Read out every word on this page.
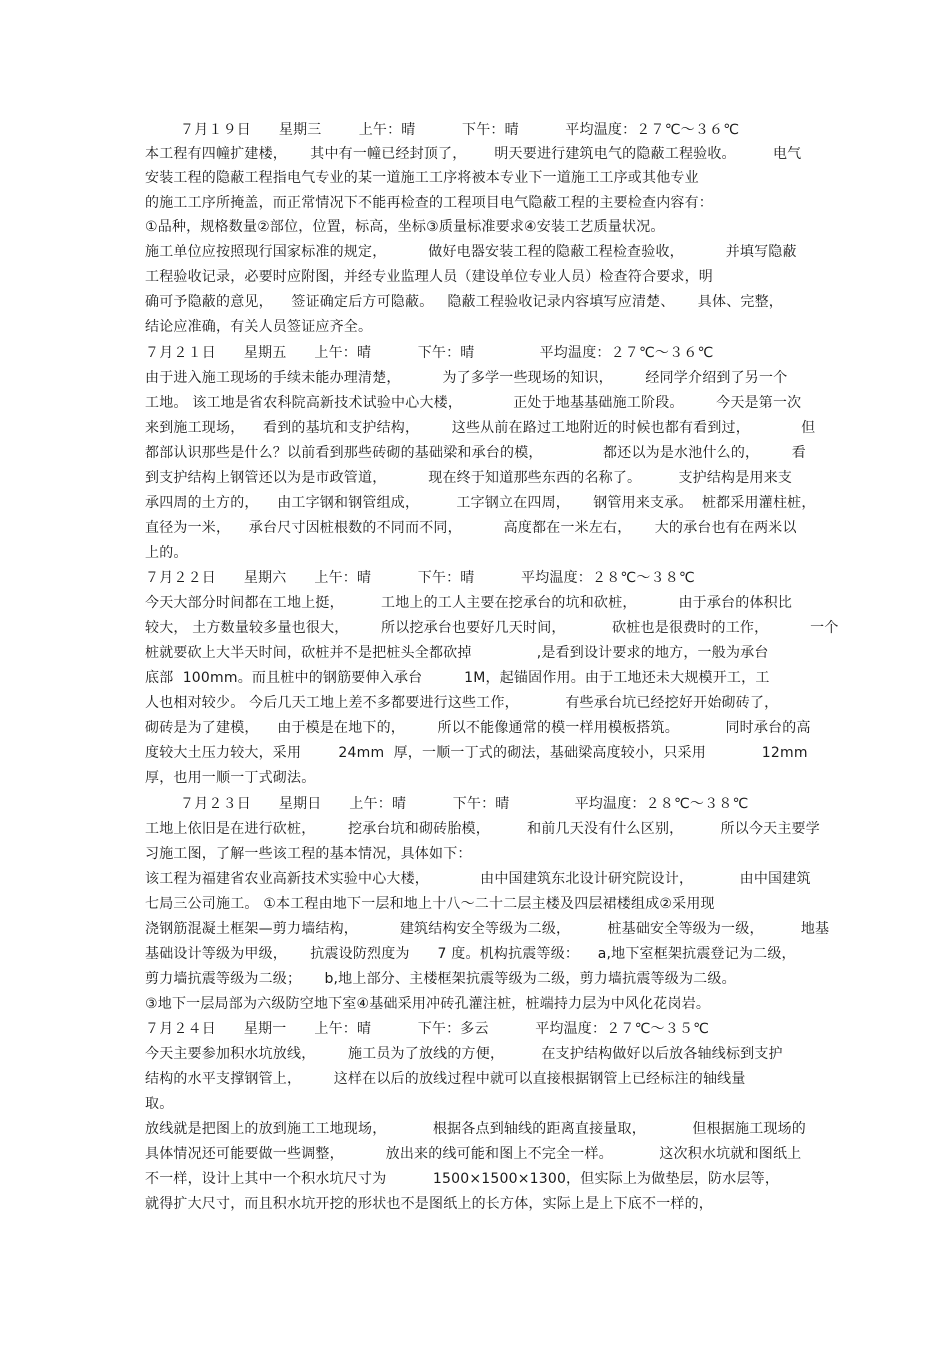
７月１９日      星期三        上午：晴          下午：晴          平均温度：２７℃～３６℃
本工程有四幢扩建楼，     其中有一幢已经封顶了，      明天要进行建筑电气的隐蔽工程验收。        电气
安装工程的隐蔽工程指电气专业的某一道施工工序将被本专业下一道施工工序或其他专业
的施工工序所掩盖，而正常情况下不能再检查的工程项目电气隐蔽工程的主要检查内容有：
①品种，规格数量②部位，位置，标高，坐标③质量标准要求④安装工艺质量状况。
施工单位应按照现行国家标准的规定，         做好电器安装工程的隐蔽工程检查验收，         并填写隐蔽
工程验收记录，必要时应附图，并经专业监理人员（建设单位专业人员）检查符合要求，明
确可予隐蔽的意见，    签证确定后方可隐蔽。   隐蔽工程验收记录内容填写应清楚、     具体、完整，
结论应准确，有关人员签证应齐全。
７月２１日      星期五      上午：晴          下午：晴              平均温度：２７℃～３６℃
由于进入施工现场的手续未能办理清楚，         为了多学一些现场的知识，       经同学介绍到了另一个
工地。 该工地是省农科院高新技术试验中心大楼，           正处于地基基础施工阶段。       今天是第一次
来到施工现场，    看到的基坑和支护结构，       这些从前在路过工地附近的时候也都有看到过，           但
都部认识那些是什么？以前看到那些砖砌的基础梁和承台的模，             都还以为是水池什么的，       看
到支护结构上钢管还以为是市政管道，         现在终于知道那些东西的名称了。        支护结构是用来支
承四周的土方的，    由工字钢和钢管组成，        工字钢立在四周，     钢管用来支承。  桩都采用灌柱桩，
直径为一米，    承台尺寸因桩根数的不同而不同，         高度都在一米左右，     大的承台也有在两米以
上的。
７月２２日      星期六      上午：晴          下午：晴          平均温度：２８℃～３８℃
今天大部分时间都在工地上挺，        工地上的工人主要在挖承台的坑和砍桩，         由于承台的体积比
较大， 土方数量较多量也很大，       所以挖承台也要好几天时间，          砍桩也是很费时的工作，         一个
桩就要砍上大半天时间，砍桩并不是把桩头全都砍掉              ,是看到设计要求的地方，一般为承台
底部  100mm。而且桩中的钢筋要伸入承台         1M，起锚固作用。由于工地还未大规模开工，工
人也相对较少。 今后几天工地上差不多都要进行这些工作，          有些承台坑已经挖好开始砌砖了，
砌砖是为了建模，    由于模是在地下的，       所以不能像通常的模一样用模板搭筑。          同时承台的高
度较大土压力较大，采用        24mm  厚，一顺一丁式的砌法，基础梁高度较小，只采用            12mm
厚，也用一顺一丁式砌法。
７月２３日      星期日      上午：晴          下午：晴              平均温度：２８℃～３８℃
工地上依旧是在进行砍桩，       挖承台坑和砌砖胎模，        和前几天没有什么区别，        所以今天主要学
习施工图，了解一些该工程的基本情况，具体如下：
该工程为福建省农业高新技术实验中心大楼，           由中国建筑东北设计研究院设计，          由中国建筑
七局三公司施工。 ①本工程由地下一层和地上十八～二十二层主楼及四层裙楼组成②采用现
浇钢筋混凝土框架—剪力墙结构，         建筑结构安全等级为二级，        桩基础安全等级为一级，        地基
基础设计等级为甲级，     抗震设防烈度为      7 度。机构抗震等级：    a,地下室框架抗震登记为二级，
剪力墙抗震等级为二级；     b,地上部分、主楼框架抗震等级为二级，剪力墙抗震等级为二级。
③地下一层局部为六级防空地下室④基础采用冲砖孔灌注桩，桩端持力层为中风化花岗岩。
７月２４日      星期一      上午：晴          下午：多云          平均温度：２７℃～３５℃
今天主要参加积水坑放线，       施工员为了放线的方便，        在支护结构做好以后放各轴线标到支护
结构的水平支撑钢管上，       这样在以后的放线过程中就可以直接根据钢管上已经标注的轴线量
取。
放线就是把图上的放到施工工地现场，          根据各点到轴线的距离直接量取，          但根据施工现场的
具体情况还可能要做一些调整，         放出来的线可能和图上不完全一样。          这次积水坑就和图纸上
不一样，设计上其中一个积水坑尺寸为          1500×1500×1300，但实际上为做垫层，防水层等，
就得扩大尺寸，而且积水坑开挖的形状也不是图纸上的长方体，实际上是上下底不一样的，
